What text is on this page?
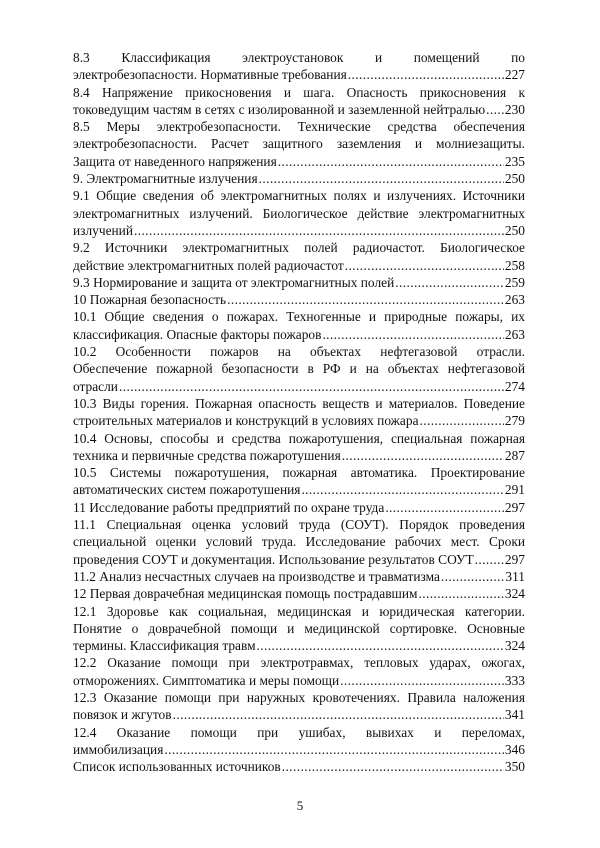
8.3 Классификация электроустановок и помещений по
электробезопасности. Нормативные требования .....	227
8.4 Напряжение прикосновения и шага. Опасность прикосновения к
токоведущим частям в сетях с изолированной и заземленной нейтралью ..... 230
8.5 Меры электробезопасности. Технические средства обеспечения
электробезопасности. Расчет защитного заземления и молниезащиты.
Защита от наведенного напряжения .....	235
9. Электромагнитные излучения .....	250
9.1 Общие сведения об электромагнитных полях и излучениях. Источники
электромагнитных излучений. Биологическое действие электромагнитных
излучений .....	250
9.2 Источники электромагнитных полей радиочастот. Биологическое
действие электромагнитных полей радиочастот .....	258
9.3 Нормирование и защита от электромагнитных полей .....	259
10 Пожарная безопасность .....	263
10.1 Общие сведения о пожарах. Техногенные и природные пожары, их
классификация. Опасные факторы пожаров .....	263
10.2 Особенности пожаров на объектах нефтегазовой отрасли.
Обеспечение пожарной безопасности в РФ и на объектах нефтегазовой
отрасли .....	274
10.3 Виды горения. Пожарная опасность веществ и материалов. Поведение
строительных материалов и конструкций в условиях пожара .....	279
10.4 Основы, способы и средства пожаротушения, специальная пожарная
техника и первичные средства пожаротушения .....	287
10.5 Системы пожаротушения, пожарная автоматика. Проектирование
автоматических систем пожаротушения .....	291
11 Исследование работы предприятий по охране труда .....	297
11.1 Специальная оценка условий труда (СОУТ). Порядок проведения
специальной оценки условий труда. Исследование рабочих мест. Сроки
проведения СОУТ и документация. Использование результатов СОУТ ..... 297
11.2 Анализ несчастных случаев на производстве и травматизма .....	311
12 Первая доврачебная медицинская помощь пострадавшим .....	324
12.1 Здоровье как социальная, медицинская и юридическая категории.
Понятие о доврачебной помощи и медицинской сортировке. Основные
термины. Классификация травм .....	324
12.2 Оказание помощи при электротравмах, тепловых ударах, ожогах,
отморожениях. Симптоматика и меры помощи .....	333
12.3 Оказание помощи при наружных кровотечениях. Правила наложения
повязок и жгутов .....	341
12.4 Оказание помощи при ушибах, вывихах и переломах,
иммобилизация .....	346
Список использованных источников .....	350
5
